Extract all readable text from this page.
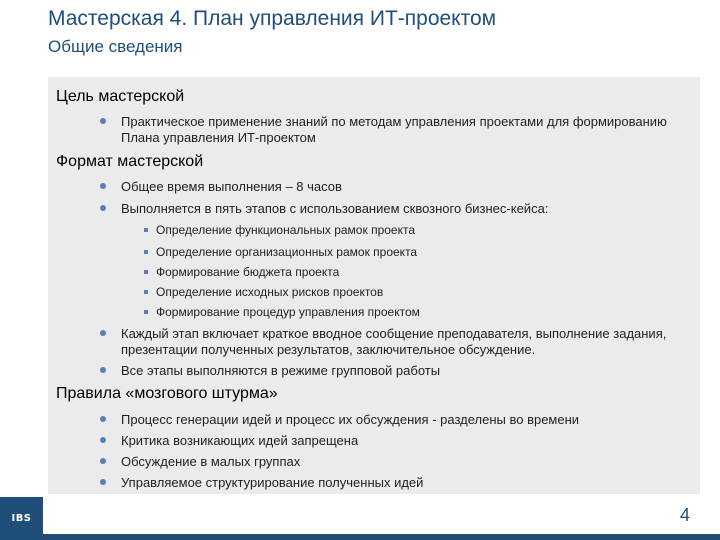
Мастерская 4. План управления ИТ-проектом
Общие сведения
Цель мастерской
Практическое применение знаний по методам управления проектами для формированию Плана управления ИТ-проектом
Формат мастерской
Общее время выполнения – 8 часов
Выполняется в пять этапов с использованием сквозного бизнес-кейса:
Определение функциональных рамок проекта
Определение организационных рамок проекта
Формирование бюджета проекта
Определение исходных рисков проектов
Формирование процедур управления проектом
Каждый этап включает краткое вводное сообщение преподавателя, выполнение задания, презентации полученных результатов, заключительное обсуждение.
Все этапы выполняются в режиме групповой работы
Правила «мозгового штурма»
Процесс генерации идей и процесс их обсуждения - разделены во времени
Критика возникающих идей запрещена
Обсуждение в малых группах
Управляемое структурирование полученных идей
IBS	4
